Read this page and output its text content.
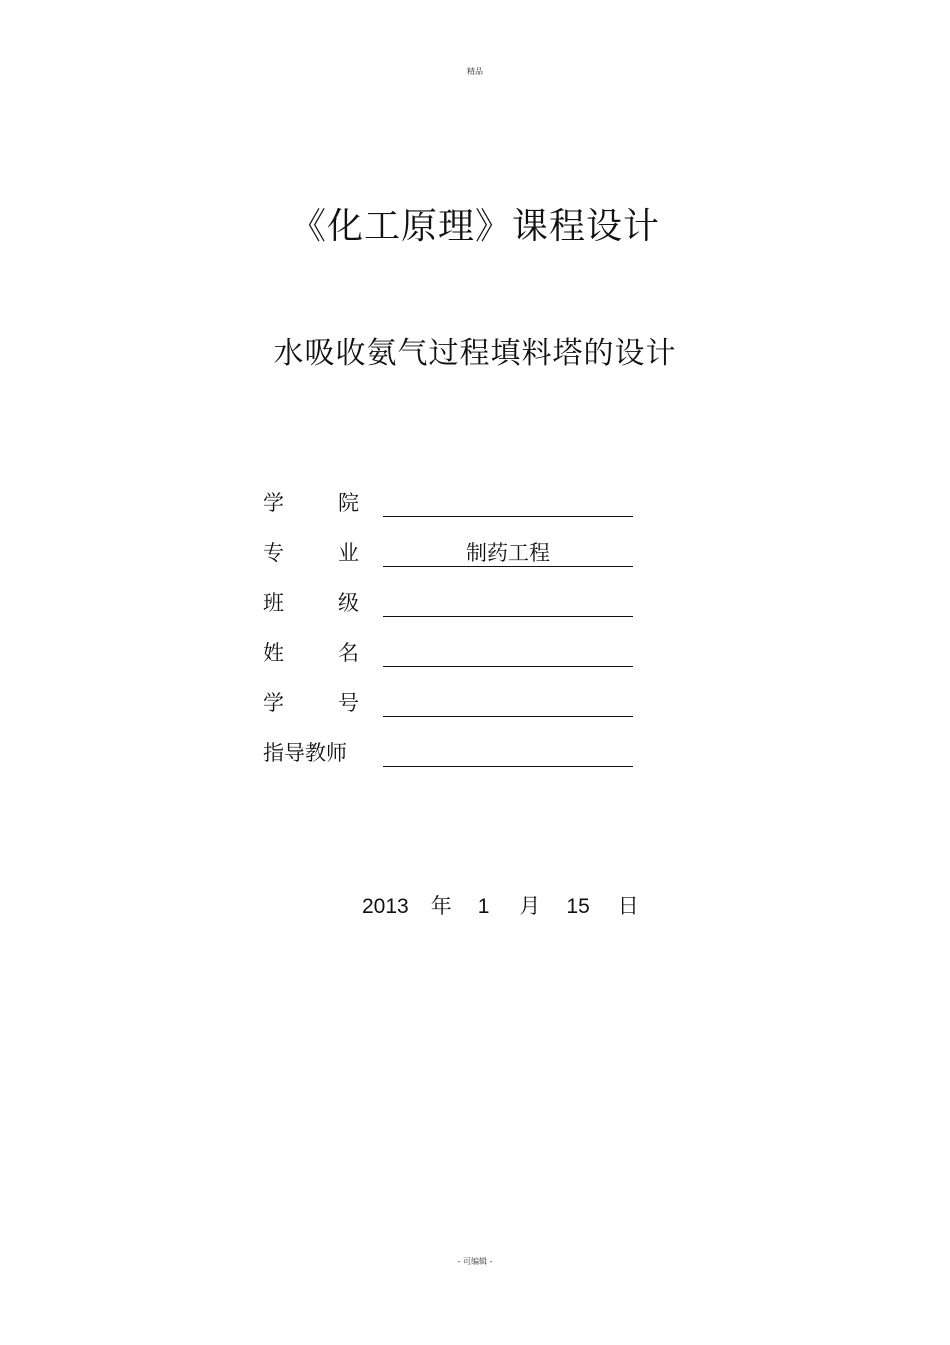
精品
《化工原理》课程设计
水吸收氨气过程填料塔的设计
学	院
专	业	制药工程
班	级
姓	名
学	号
指导教师
2013 年 1 月 15 日
- 可编辑 -
